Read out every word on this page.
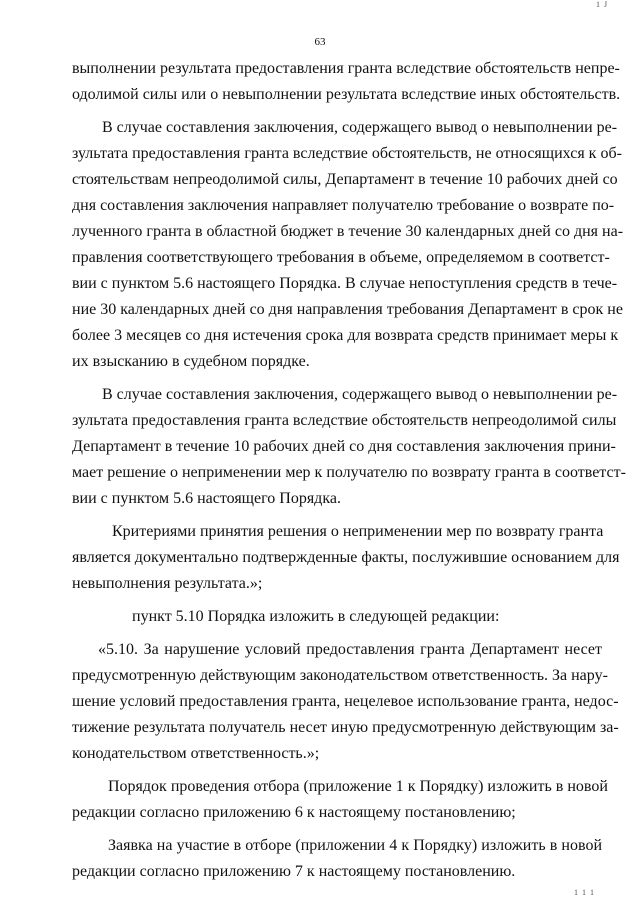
1 J
63
выполнении результата предоставления гранта вследствие обстоятельств непре-
одолимой силы или о невыполнении результата вследствие иных обстоятельств.
В случае составления заключения, содержащего вывод о невыполнении ре-
зультата предоставления гранта вследствие обстоятельств, не относящихся к об-
стоятельствам непреодолимой силы, Департамент в течение 10 рабочих дней со
дня составления заключения направляет получателю требование о возврате по-
лученного гранта в областной бюджет в течение 30 календарных дней со дня на-
правления соответствующего требования в объеме, определяемом в соответст-
вии с пунктом 5.6 настоящего Порядка. В случае непоступления средств в тече-
ние 30 календарных дней со дня направления требования Департамент в срок не
более 3 месяцев со дня истечения срока для возврата средств принимает меры к
их взысканию в судебном порядке.
В случае составления заключения, содержащего вывод о невыполнении ре-
зультата предоставления гранта вследствие обстоятельств непреодолимой силы
Департамент в течение 10 рабочих дней со дня составления заключения прини-
мает решение о неприменении мер к получателю по возврату гранта в соответст-
вии с пунктом 5.6 настоящего Порядка.
Критериями принятия решения о неприменении мер по возврату гранта
является документально подтвержденные факты, послужившие основанием для
невыполнения результата.»;
пункт 5.10 Порядка изложить в следующей редакции:
«5.10. За нарушение условий предоставления гранта Департамент несет
предусмотренную действующим законодательством ответственность. За нару-
шение условий предоставления гранта, нецелевое использование гранта, недос-
тижение результата получатель несет иную предусмотренную действующим за-
конодательством ответственность.»;
Порядок проведения отбора (приложение 1 к Порядку) изложить в новой
редакции согласно приложению 6 к настоящему постановлению;
Заявка на участие в отборе (приложении 4 к Порядку) изложить в новой
редакции согласно приложению 7 к настоящему постановлению.
1 1 1
